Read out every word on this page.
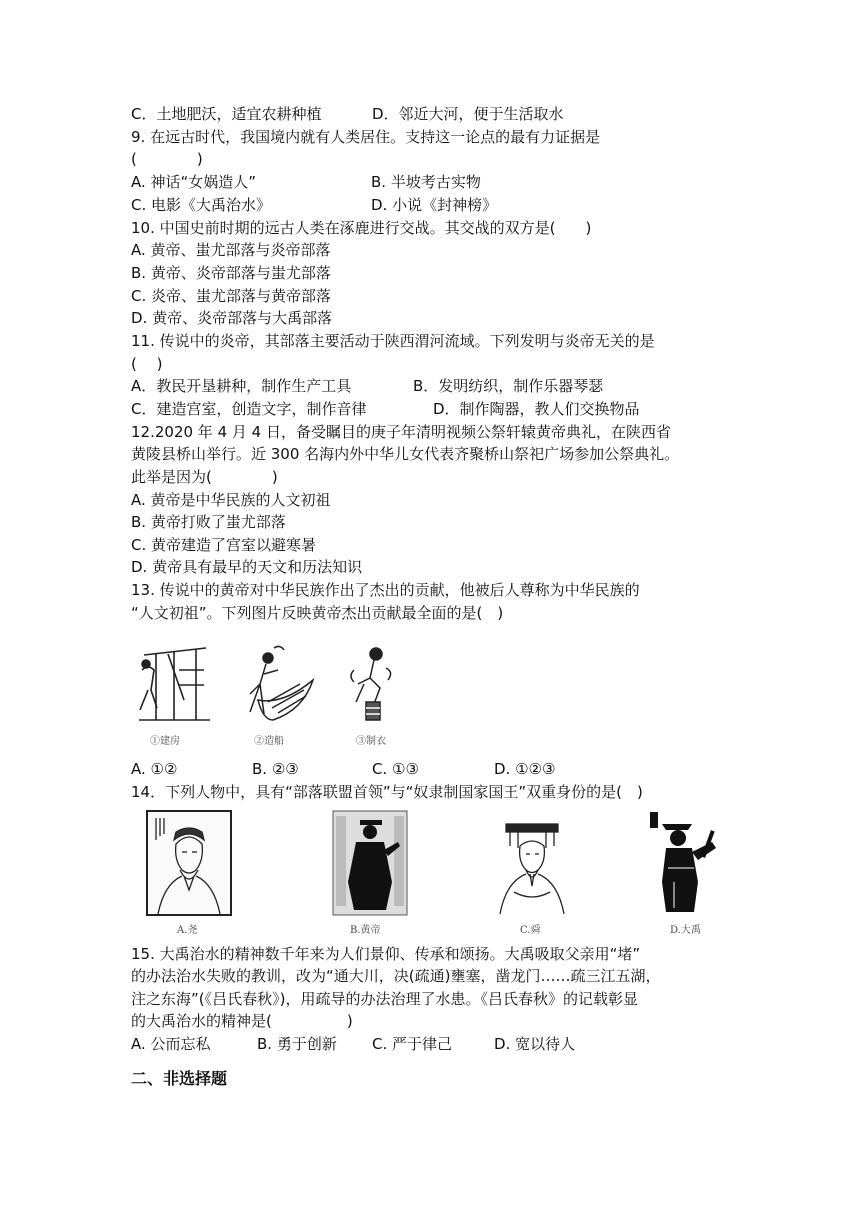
C．土地肥沃，适宜农耕种植	D．邻近大河，便于生活取水
9. 在远古时代，我国境内就有人类居住。支持这一论点的最有力证据是
(　　　　)
A. 神话“女娲造人”	B. 半坡考古实物
C. 电影《大禹治水》	D. 小说《封神榜》
10. 中国史前时期的远古人类在涿鹿进行交战。其交战的双方是(　　)
A. 黄帝、蚩尤部落与炎帝部落
B. 黄帝、炎帝部落与蚩尤部落
C. 炎帝、蚩尤部落与黄帝部落
D. 黄帝、炎帝部落与大禹部落
11. 传说中的炎帝，其部落主要活动于陕西渭河流域。下列发明与炎帝无关的是
(　 )
A．教民开垦耕种，制作生产工具	B．发明纺织，制作乐器琴瑟
C．建造宫室，创造文字，制作音律	D．制作陶器，教人们交换物品
12.2020 年 4 月 4 日，备受瞩目的庚子年清明视频公祭轩辕黄帝典礼，在陕西省
黄陵县桥山举行。近 300 名海内外中华儿女代表齐聚桥山祭祀广场参加公祭典礼。
此举是因为(　　　　)
A. 黄帝是中华民族的人文初祖
B. 黄帝打败了蚩尤部落
C. 黄帝建造了宫室以避寒暑
D. 黄帝具有最早的天文和历法知识
13. 传说中的黄帝对中华民族作出了杰出的贡献，他被后人尊称为中华民族的
“人文初祖”。下列图片反映黄帝杰出贡献最全面的是(　)
①建房	②造船	③制衣
A. ①②	B. ②③	C. ①③	D. ①②③
14．下列人物中，具有“部落联盟首领”与“奴隶制国家国王”双重身份的是(　)
A.尧	B.黄帝	C.舜	D.大禹
15. 大禹治水的精神数千年来为人们景仰、传承和颂扬。大禹吸取父亲用“堵”
的办法治水失败的教训，改为“通大川，决(疏通)壅塞，凿龙门……疏三江五湖，
注之东海”(《吕氏春秋》)，用疏导的办法治理了水患。《吕氏春秋》的记载彰显
的大禹治水的精神是(　　　　　)
A. 公而忘私	B. 勇于创新 C. 严于律己	D. 宽以待人
二、非选择题
